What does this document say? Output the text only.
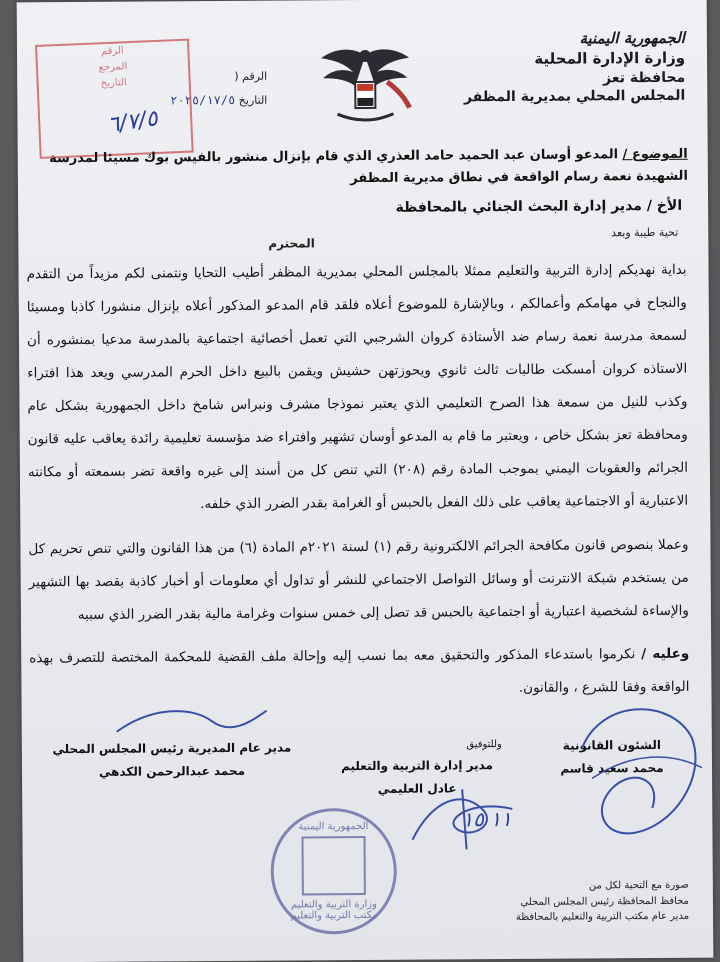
الجمهورية اليمنية
وزارة الإدارة المحلية
محافظة تعز
المجلس المحلي بمديرية المظفر
الرقم (
التاريخ ٢٠٢٥/١٧/٥
الرقم
المرجع
التاريخ
٦/٧/٥
الموضوع / المدعو أوسان عبد الحميد حامد العذري الذي قام بإنزال منشور بالفيس بوك مسيئا لمدرسة الشهيدة نعمة رسام الواقعة في نطاق مديرية المظفر
الأخ / مدير إدارة البحث الجنائي بالمحافظة
تحية طيبة وبعد
المحترم

بداية نهديكم إدارة التربية والتعليم ممثلا بالمجلس المحلي بمديرية المظفر أطيب التحايا ونتمنى لكم مزيداً من التقدم والنجاح في مهامكم وأعمالكم ، وبالإشارة للموضوع أعلاه فلقد قام المدعو المذكور أعلاه بإنزال منشورا كاذبا ومسيئا لسمعة مدرسة نعمة رسام ضد الأستاذة كروان الشرجبي التي تعمل أخصائية اجتماعية بالمدرسة مدعيا بمنشوره أن الاستاذه كروان أمسكت طالبات ثالث ثانوي ويحوزتهن حشيش ويقمن بالبيع داخل الحرم المدرسي ويعد هذا افتراء وكذب للنيل من سمعة هذا الصرح التعليمي الذي يعتبر نموذجا مشرف ونبراس شامخ داخل الجمهورية بشكل عام ومحافظة تعز بشكل خاص ، ويعتبر ما قام به المدعو أوسان تشهير وافتراء ضد مؤسسة تعليمية رائدة يعاقب عليه قانون الجرائم والعقوبات اليمني بموجب المادة رقم (٢٠٨) التي تنص كل من أسند إلى غيره واقعة تضر بسمعته أو مكانته الاعتبارية أو الاجتماعية يعاقب على ذلك الفعل بالحبس أو الغرامة بقدر الضرر الذي خلفه.

وعملا بنصوص قانون مكافحة الجرائم الالكترونية رقم (١) لسنة ٢٠٢١م المادة (٦) من هذا القانون والتي تنص تحريم كل من يستخدم شبكة الانترنت أو وسائل التواصل الاجتماعي للنشر أو تداول أي معلومات أو أخبار كاذبة بقصد بها التشهير والإساءة لشخصية اعتبارية أو اجتماعية بالحبس قد تصل إلى خمس سنوات وغرامة مالية بقدر الضرر الذي سببه

وعليه / نكرموا باستدعاء المذكور والتحقيق معه بما نسب إليه وإحالة ملف القضية للمحكمة المختصة للتصرف بهذه الواقعة وفقا للشرع ، والقانون.

الشئون القانونية
محمد سعيد قاسم
وللتوفيق
مدير إدارة التربية والتعليم
عادل العليمي
مدير عام المديرية رئيس المجلس المحلي
محمد عبدالرحمن الكدهي
١١ ١٥
الجمهورية اليمنية
وزارة التربية والتعليم
مكتب التربية والتعليم
صورة مع التحية لكل من
محافظ المحافظة رئيس المجلس المحلي
مدير عام مكتب التربية والتعليم بالمحافظة
